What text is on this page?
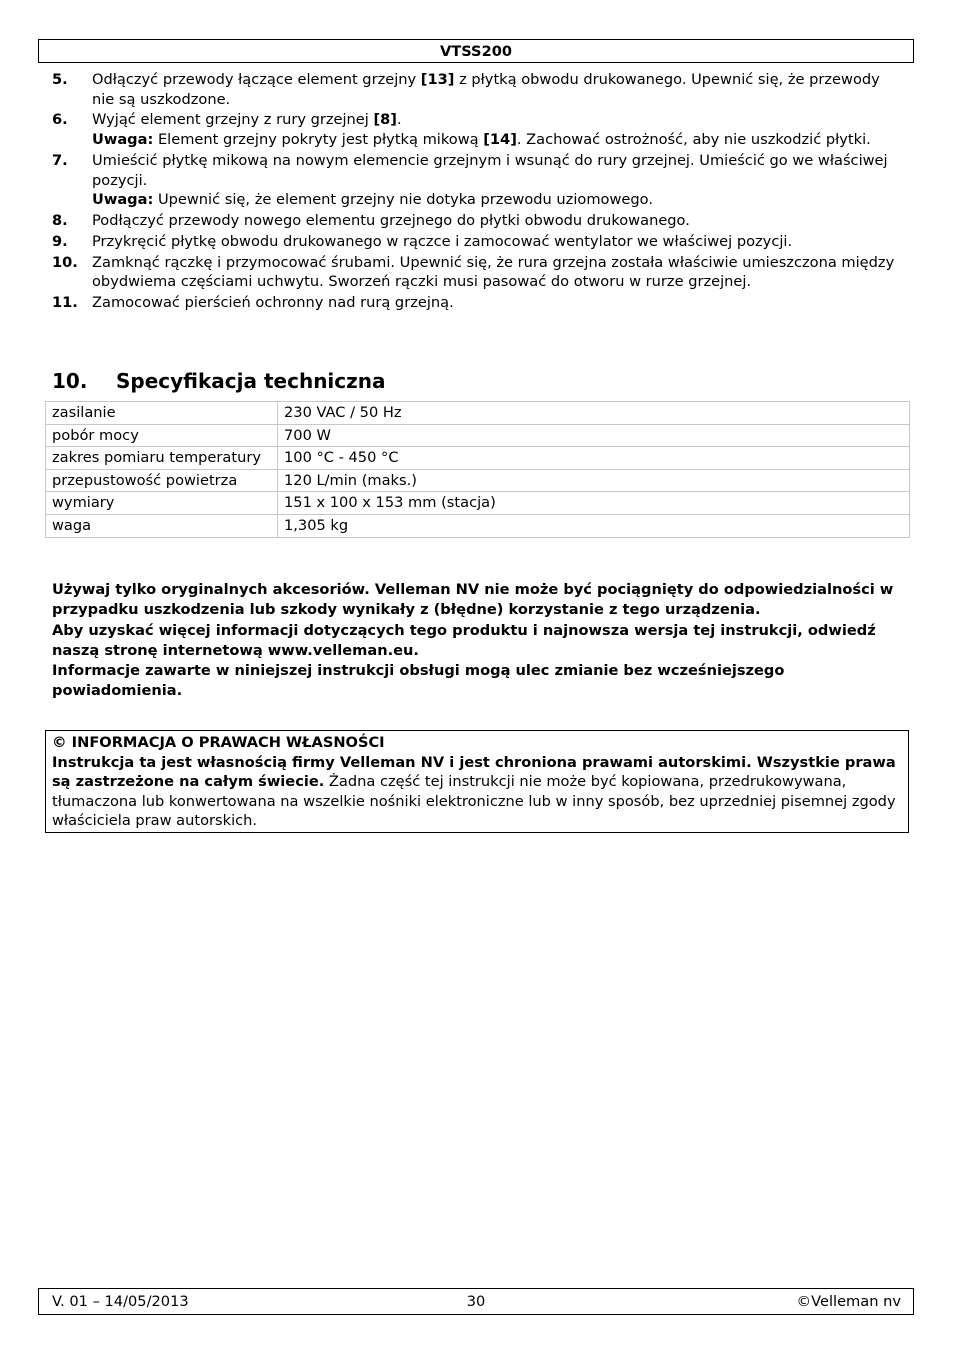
VTSS200
5.	Odłączyć przewody łączące element grzejny [13] z płytką obwodu drukowanego. Upewnić się, że przewody nie są uszkodzone.
6.	Wyjąć element grzejny z rury grzejnej [8].
Uwaga: Element grzejny pokryty jest płytką mikową [14]. Zachować ostrożność, aby nie uszkodzić płytki.
7.	Umieścić płytkę mikową na nowym elemencie grzejnym i wsunąć do rury grzejnej. Umieścić go we właściwej pozycji.
Uwaga: Upewnić się, że element grzejny nie dotyka przewodu uziomowego.
8.	Podłączyć przewody nowego elementu grzejnego do płytki obwodu drukowanego.
9.	Przykręcić płytkę obwodu drukowanego w rączce i zamocować wentylator we właściwej pozycji.
10. Zamknąć rączkę i przymocować śrubami. Upewnić się, że rura grzejna została właściwie umieszczona między obydwiema częściami uchwytu. Sworzeń rączki musi pasować do otworu w rurze grzejnej.
11. Zamocować pierścień ochronny nad rurą grzejną.
10.	Specyfikacja techniczna
zasilanie	230 VAC / 50 Hz
pobór mocy	700 W
zakres pomiaru temperatury	100 °C - 450 °C
przepustowość powietrza	120 L/min (maks.)
wymiary	151 x 100 x 153 mm (stacja)
waga	1,305 kg

Używaj tylko oryginalnych akcesoriów. Velleman NV nie może być pociągnięty do odpowiedzialności w przypadku uszkodzenia lub szkody wynikały z (błędne) korzystanie z tego urządzenia.

Aby uzyskać więcej informacji dotyczących tego produktu i najnowsza wersja tej instrukcji, odwiedź naszą stronę internetową www.velleman.eu.

Informacje zawarte w niniejszej instrukcji obsługi mogą ulec zmianie bez wcześniejszego powiadomienia.

© INFORMACJA O PRAWACH WŁASNOŚCI

Instrukcja ta jest własnością firmy Velleman NV i jest chroniona prawami autorskimi. Wszystkie prawa są zastrzeżone na całym świecie. Żadna część tej instrukcji nie może być kopiowana, przedrukowywana, tłumaczona lub konwertowana na wszelkie nośniki elektroniczne lub w inny sposób, bez uprzedniej pisemnej zgody właściciela praw autorskich.

V. 01 – 14/05/2013	30	©Velleman nv
